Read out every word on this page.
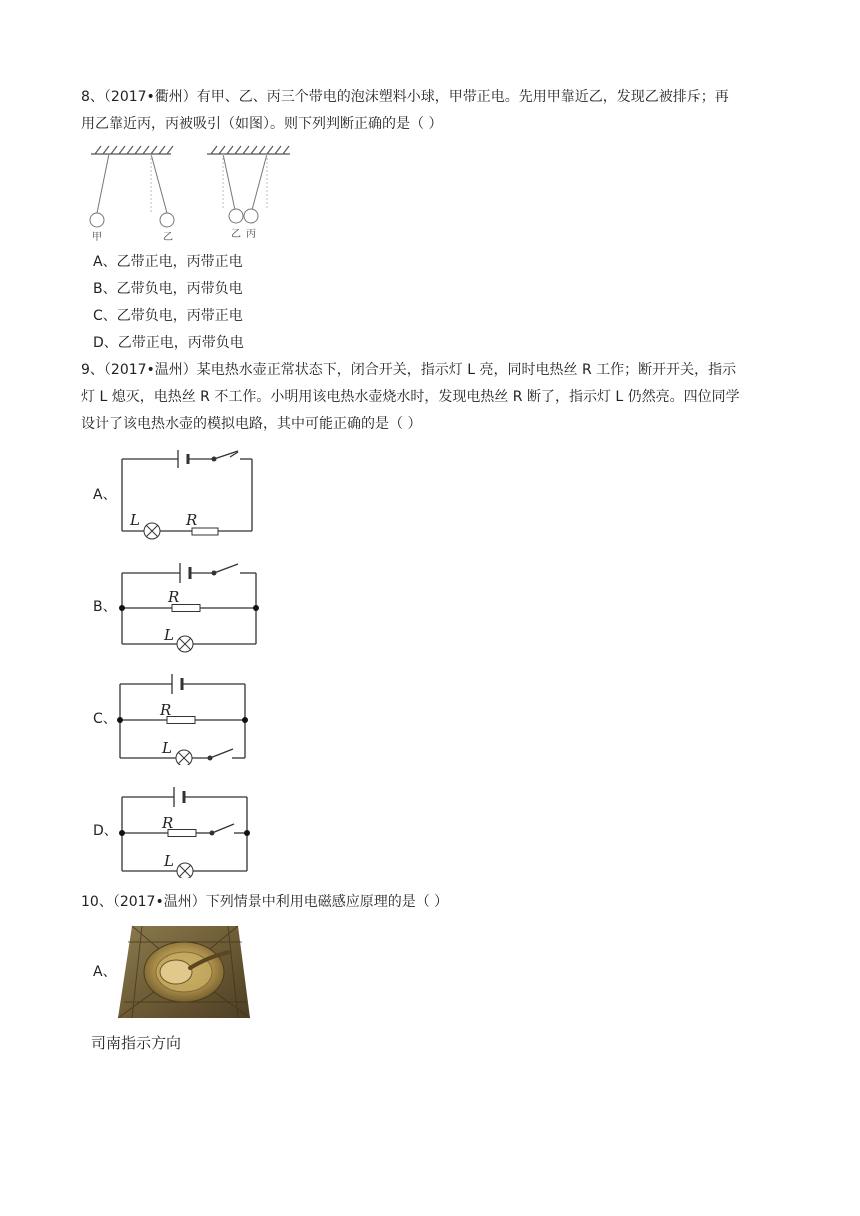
8、（2017•衢州）有甲、乙、丙三个带电的泡沫塑料小球，甲带正电。先用甲靠近乙，发现乙被排斥；再
用乙靠近丙，丙被吸引（如图）。则下列判断正确的是（ ）
甲	乙	乙 丙
A、乙带正电，丙带正电
B、乙带负电，丙带负电
C、乙带负电，丙带正电
D、乙带正电，丙带负电
9、（2017•温州）某电热水壶正常状态下，闭合开关，指示灯 L 亮，同时电热丝 R 工作；断开开关，指示
灯 L 熄灭，电热丝 R 不工作。小明用该电热水壶烧水时，发现电热丝 R 断了，指示灯 L 仍然亮。四位同学
设计了该电热水壶的模拟电路，其中可能正确的是（ ）
A、
L	R
B、
R
L
C、	R
L
D、	R
L
10、（2017•温州）下列情景中利用电磁感应原理的是（ ）
A、
司南指示方向
